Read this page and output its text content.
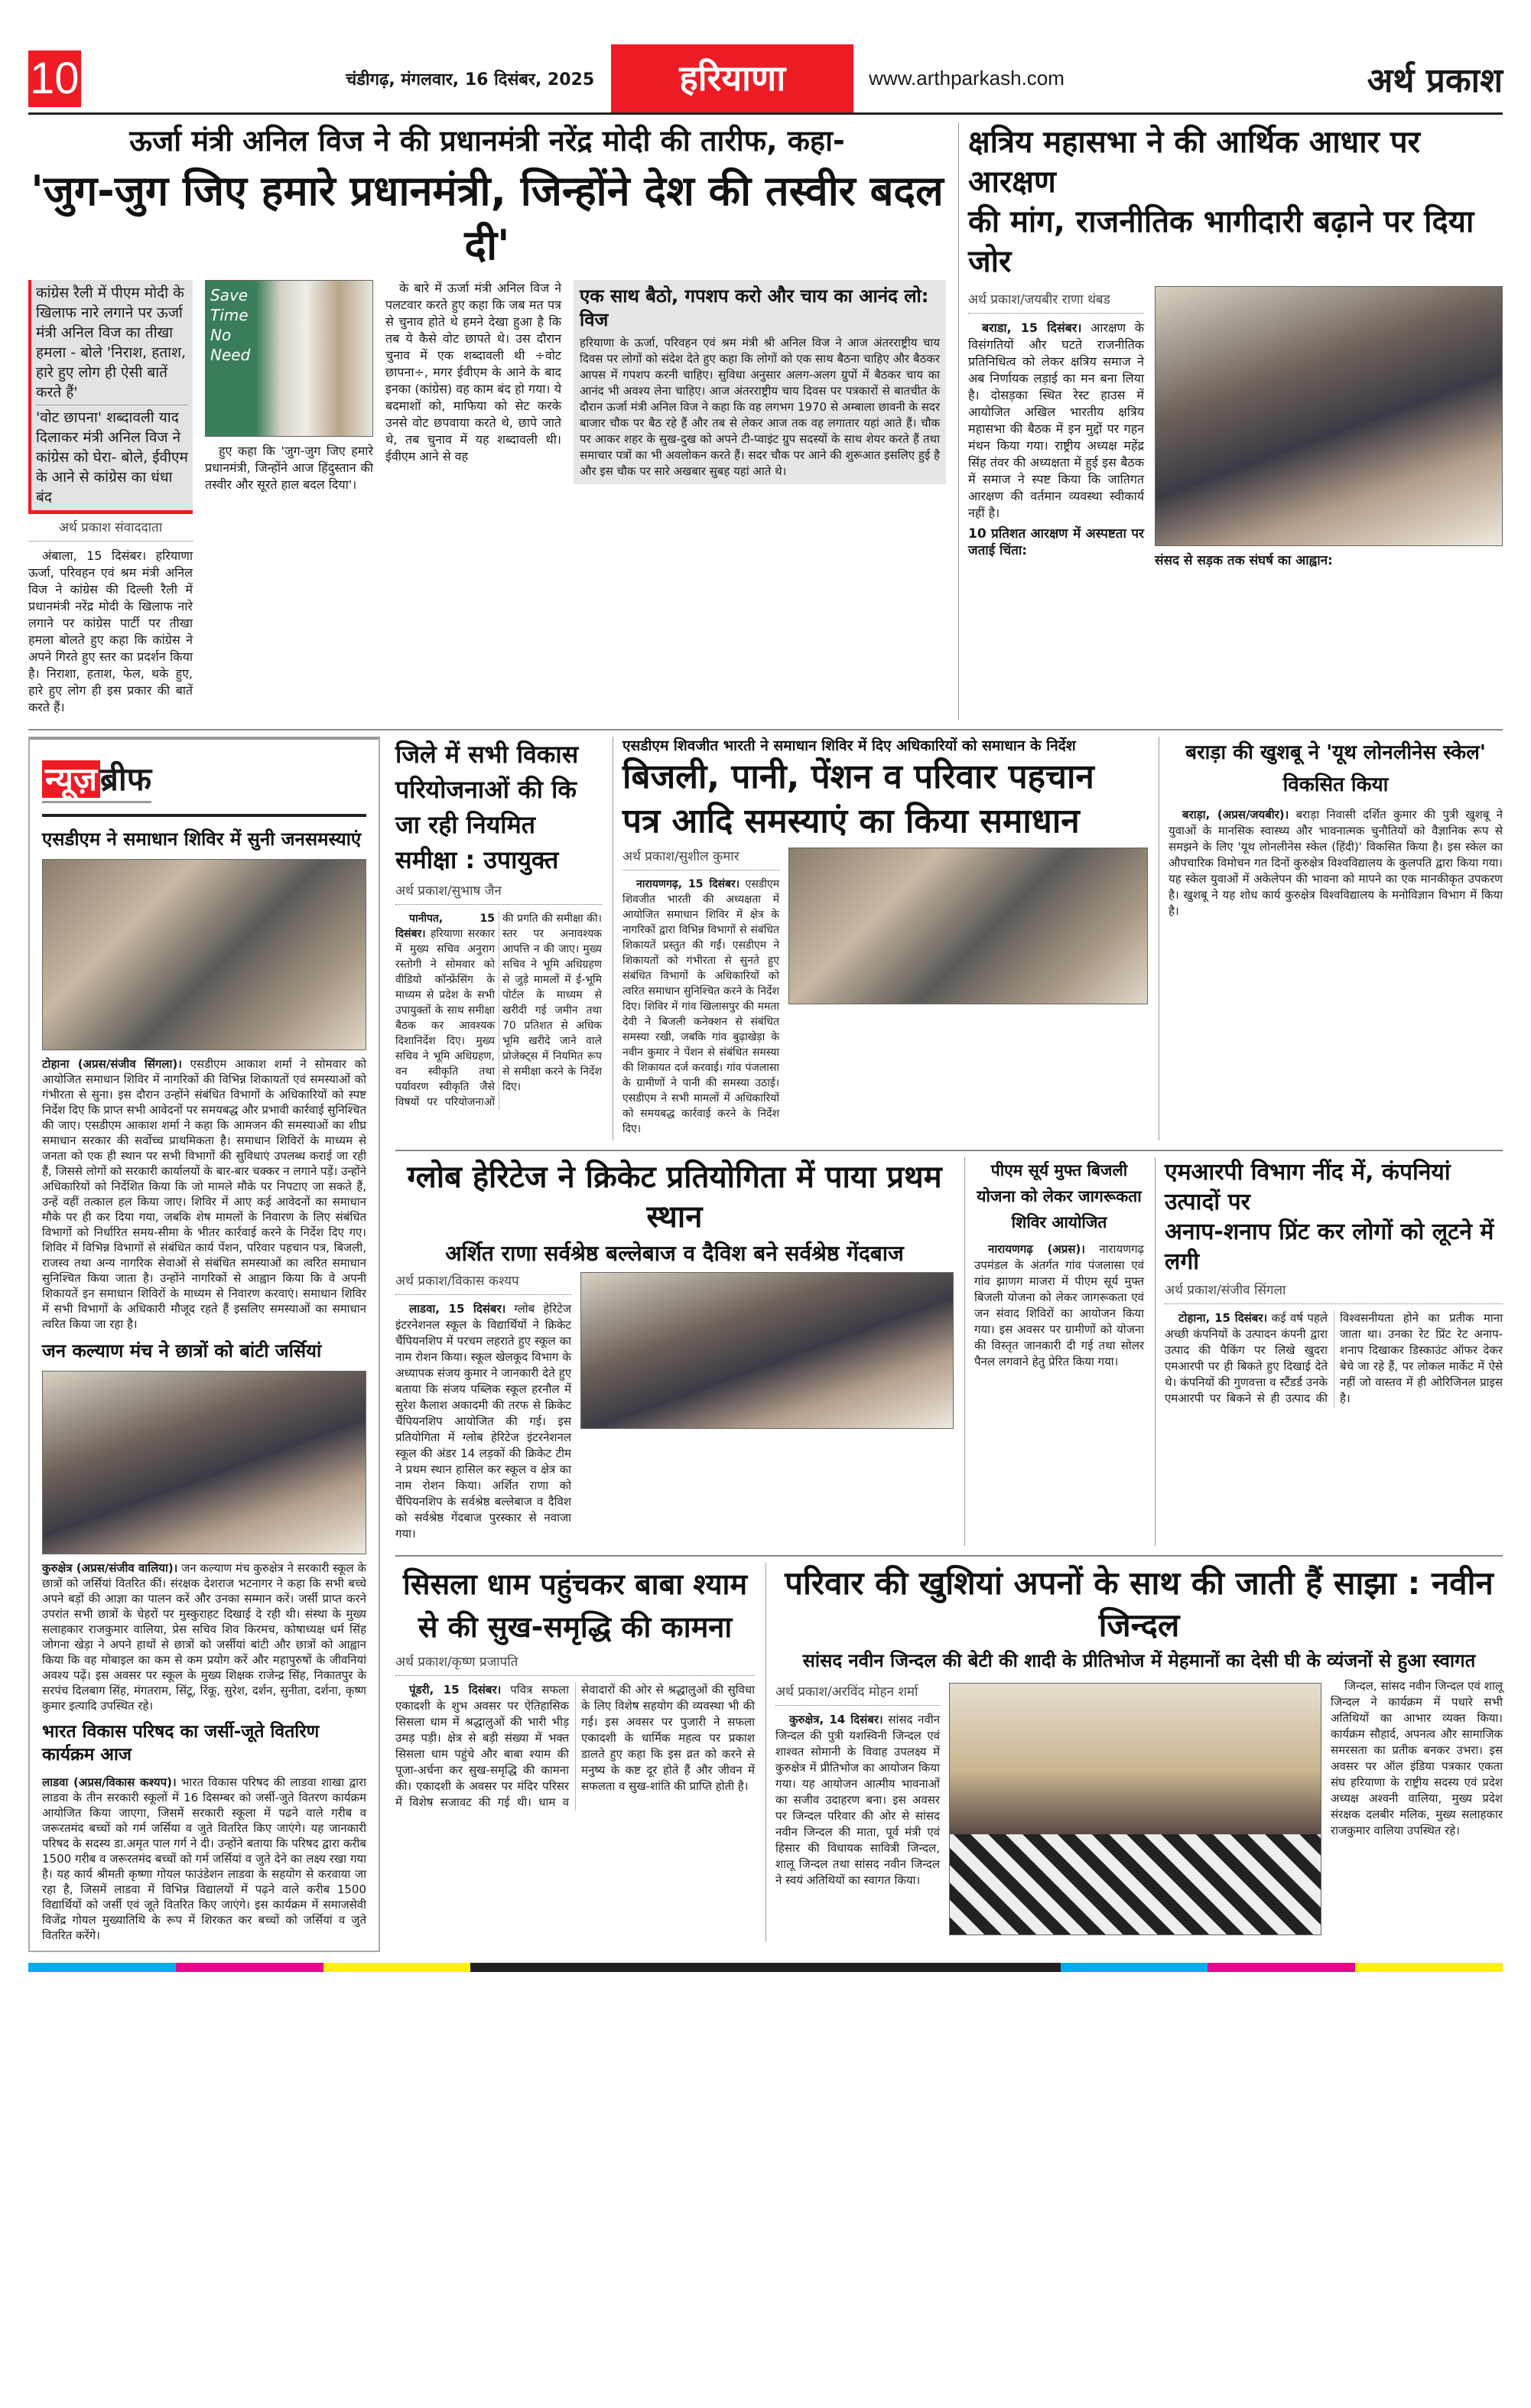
10	चंडीगढ़, मंगलवार, 16 दिसंबर, 2025	हरियाणा	www.arthparkash.com	अर्थ प्रकाश
ऊर्जा मंत्री अनिल विज ने की प्रधानमंत्री नरेंद्र मोदी की तारीफ, कहा-
'जुग-जुग जिए हमारे प्रधानमंत्री, जिन्होंने देश की तस्वीर बदल दी'
कांग्रेस रैली में पीएम मोदी के खिलाफ नारे लगाने पर ऊर्जा मंत्री अनिल विज का तीखा हमला - बोले 'निराश, हताश, हारे हुए लोग ही ऐसी बातें करते हैं'
'वोट छापना' शब्दावली याद दिलाकर मंत्री अनिल विज ने कांग्रेस को घेरा- बोले, ईवीएम के आने से कांग्रेस का धंधा बंद
अर्थ प्रकाश संवाददाता

अंबाला, 15 दिसंबर। हरियाणा ऊर्जा, परिवहन एवं श्रम मंत्री अनिल विज ने कांग्रेस की दिल्ली रैली में प्रधानमंत्री नरेंद्र मोदी के खिलाफ नारे लगाने पर कांग्रेस पार्टी पर तीखा हमला बोलते हुए कहा कि कांग्रेस ने अपने गिरते हुए स्तर का प्रदर्शन किया है। निराशा, हताश, फेल, थके हुए, हारे हुए लोग ही इस प्रकार की बातें करते हैं।

Save Time No Need

हुए कहा कि 'जुग-जुग जिए हमारे प्रधानमंत्री, जिन्होंने आज हिंदुस्तान की तस्वीर और सूरते हाल बदल दिया'।

के बारे में ऊर्जा मंत्री अनिल विज ने पलटवार करते हुए कहा कि जब मत पत्र से चुनाव होते थे हमने देखा हुआ है कि तब ये कैसे वोट छापते थे। उस दौरान चुनाव में एक शब्दावली थी ÷वोट छापना÷, मगर ईवीएम के आने के बाद इनका (कांग्रेस) वह काम बंद हो गया। ये बदमाशों को, माफिया को सेट करके उनसे वोट छपवाया करते थे, छापे जाते थे, तब चुनाव में यह शब्दावली थी। ईवीएम आने से वह

एक साथ बैठो, गपशप करो और चाय का आनंद लो: विज
हरियाणा के ऊर्जा, परिवहन एवं श्रम मंत्री श्री अनिल विज ने आज अंतरराष्ट्रीय चाय दिवस पर लोगों को संदेश देते हुए कहा कि लोगों को एक साथ बैठना चाहिए और बैठकर आपस में गपशप करनी चाहिए। सुविधा अनुसार अलग-अलग ग्रुपों में बैठकर चाय का आनंद भी अवश्य लेना चाहिए। आज अंतरराष्ट्रीय चाय दिवस पर पत्रकारों से बातचीत के दौरान ऊर्जा मंत्री अनिल विज ने कहा कि वह लगभग 1970 से अम्बाला छावनी के सदर बाजार चौक पर बैठ रहे हैं और तब से लेकर आज तक वह लगातार यहां आते हैं। चौक पर आकर शहर के सुख-दुख को अपने टी-प्वाइंट ग्रुप सदस्यों के साथ शेयर करते हैं तथा समाचार पत्रों का भी अवलोकन करते हैं। सदर चौक पर आने की शुरूआत इसलिए हुई है और इस चौक पर सारे अखबार सुबह यहां आते थे।
क्षत्रिय महासभा ने की आर्थिक आधार पर आरक्षण
की मांग, राजनीतिक भागीदारी बढ़ाने पर दिया जोर
अर्थ प्रकाश/जयबीर राणा थंबड

बराडा, 15 दिसंबर। आरक्षण के विसंगतियों और घटते राजनीतिक प्रतिनिधित्व को लेकर क्षत्रिय समाज ने अब निर्णायक लड़ाई का मन बना लिया है। दोसड़का स्थित रेस्ट हाउस में आयोजित अखिल भारतीय क्षत्रिय महासभा की बैठक में इन मुद्दों पर गहन मंथन किया गया। राष्ट्रीय अध्यक्ष महेंद्र सिंह तंवर की अध्यक्षता में हुई इस बैठक में समाज ने स्पष्ट किया कि जातिगत आरक्षण की वर्तमान व्यवस्था स्वीकार्य नहीं है।

10 प्रतिशत आरक्षण में अस्पष्टता पर जताई चिंता:

संसद से सड़क तक संघर्ष का आह्वान:

न्यूज़ब्रीफ
एसडीएम ने समाधान शिविर में सुनी जनसमस्याएं
टोहाना (अप्रस/संजीव सिंगला)। एसडीएम आकाश शर्मा ने सोमवार को आयोजित समाधान शिविर में नागरिकों की विभिन्न शिकायतों एवं समस्याओं को गंभीरता से सुना। इस दौरान उन्होंने संबंधित विभागों के अधिकारियों को स्पष्ट निर्देश दिए कि प्राप्त सभी आवेदनों पर समयबद्ध और प्रभावी कार्रवाई सुनिश्चित की जाए। एसडीएम आकाश शर्मा ने कहा कि आमजन की समस्याओं का शीघ्र समाधान सरकार की सर्वोच्च प्राथमिकता है। समाधान शिविरों के माध्यम से जनता को एक ही स्थान पर सभी विभागों की सुविधाएं उपलब्ध कराई जा रही हैं, जिससे लोगों को सरकारी कार्यालयों के बार-बार चक्कर न लगाने पड़ें। उन्होंने अधिकारियों को निर्देशित किया कि जो मामले मौके पर निपटाए जा सकते हैं, उन्हें वहीं तत्काल हल किया जाए। शिविर में आए कई आवेदनों का समाधान मौके पर ही कर दिया गया, जबकि शेष मामलों के निवारण के लिए संबंधित विभागों को निर्धारित समय-सीमा के भीतर कार्रवाई करने के निर्देश दिए गए। शिविर में विभिन्न विभागों से संबंधित कार्य पेंशन, परिवार पहचान पत्र, बिजली, राजस्व तथा अन्य नागरिक सेवाओं से संबंधित समस्याओं का त्वरित समाधान सुनिश्चित किया जाता है। उन्होंने नागरिकों से आह्वान किया कि वे अपनी शिकायतें इन समाधान शिविरों के माध्यम से निवारण करवाएं। समाधान शिविर में सभी विभागों के अधिकारी मौजूद रहते हैं इसलिए समस्याओं का समाधान त्वरित किया जा रहा है।
जन कल्याण मंच ने छात्रों को बांटी जर्सियां
कुरुक्षेत्र (अप्रस/संजीव वालिया)। जन कल्याण मंच कुरुक्षेत्र ने सरकारी स्कूल के छात्रों को जर्सियां वितरित कीं। संरक्षक देशराज भटनागर ने कहा कि सभी बच्चे अपने बड़ों की आज्ञा का पालन करें और उनका सम्मान करें। जर्सी प्राप्त करने उपरांत सभी छात्रों के चेहरों पर मुस्कुराहट दिखाई दे रही थी। संस्था के मुख्य सलाहकार राजकुमार वालिया, प्रेस सचिव शिव किरमच, कोषाध्यक्ष धर्म सिंह जोगना खेड़ा ने अपने हाथों से छात्रों को जर्सीयां बांटी और छात्रों को आह्वान किया कि वह मोबाइल का कम से कम प्रयोग करें और महापुरुषों के जीवनियां अवश्य पढ़ें। इस अवसर पर स्कूल के मुख्य शिक्षक राजेन्द्र सिंह, निकातपुर के सरपंच दिलबाग सिंह, मंगतराम, सिंटू, रिंकू, सुरेश, दर्शन, सुनीता, दर्शना, कृष्ण कुमार इत्यादि उपस्थित रहे।
भारत विकास परिषद का जर्सी-जूते वितरिण कार्यक्रम आज
लाडवा (अप्रस/विकास कश्यप)। भारत विकास परिषद की लाडवा शाखा द्वारा लाडवा के तीन सरकारी स्कूलों में 16 दिसम्बर को जर्सी-जुते वितरण कार्यक्रम आयोजित किया जाएगा, जिसमें सरकारी स्कूला में पढने वाले गरीब व जरूरतमंद बच्चों को गर्म जर्सिया व जुते वितरित किए जाएंगे। यह जानकारी परिषद के सदस्य डा.अमृत पाल गर्ग ने दी। उन्होंने बताया कि परिषद द्वारा करीब 1500 गरीब व जरूरतमंद बच्चों को गर्म जर्सियां व जुते देने का लक्ष्य रखा गया है। यह कार्य श्रीमती कृष्णा गोयल फाउंडेशन लाडवा के सहयोग से करवाया जा रहा है, जिसमें लाडवा में विभिन्न विद्यालयों में पढ़ने वाले करीब 1500 विद्यार्थियों को जर्सी एवं जूते वितरित किए जाएंगे। इस कार्यक्रम में समाजसेवी विजेंद्र गोयल मुख्यातिथि के रूप में शिरकत कर बच्चों को जर्सियां व जुते वितरित करेंगे।
जिले में सभी विकास परियोजनाओं की कि जा रही नियमित समीक्षा : उपायुक्त
अर्थ प्रकाश/सुभाष जैन

पानीपत, 15 दिसंबर। हरियाणा सरकार में मुख्य सचिव अनुराग रस्तोगी ने सोमवार को वीडियो कॉन्फ्रेंसिंग के माध्यम से प्रदेश के सभी उपायुक्तों के साथ समीक्षा बैठक कर आवश्यक दिशानिर्देश दिए। मुख्य सचिव ने भूमि अधिग्रहण, वन स्वीकृति तथा पर्यावरण स्वीकृति जैसे विषयों पर परियोजनाओं की प्रगति की समीक्षा की। स्तर पर अनावश्यक आपत्ति न की जाए। मुख्य सचिव ने भूमि अधिग्रहण से जुड़े मामलों में ई-भूमि पोर्टल के माध्यम से खरीदी गई जमीन तथा 70 प्रतिशत से अधिक भूमि खरीदे जाने वाले प्रोजेक्ट्स में नियमित रूप से समीक्षा करने के निर्देश दिए।

एसडीएम शिवजीत भारती ने समाधान शिविर में दिए अधिकारियों को समाधान के निर्देश
बिजली, पानी, पेंशन व परिवार पहचान
पत्र आदि समस्याएं का किया समाधान
अर्थ प्रकाश/सुशील कुमार

नारायणगढ़, 15 दिसंबर। एसडीएम शिवजीत भारती की अध्यक्षता में आयोजित समाधान शिविर में क्षेत्र के नागरिकों द्वारा विभिन्न विभागों से संबंधित शिकायतें प्रस्तुत की गईं। एसडीएम ने शिकायतों को गंभीरता से सुनते हुए संबंधित विभागों के अधिकारियों को त्वरित समाधान सुनिश्चित करने के निर्देश दिए। शिविर में गांव खिलासपुर की ममता देवी ने बिजली कनेक्शन से संबंधित समस्या रखी, जबकि गांव बुढ़ाखेड़ा के नवीन कुमार ने पेंशन से संबंधित समस्या की शिकायत दर्ज करवाई। गांव पंजलासा के ग्रामीणों ने पानी की समस्या उठाई। एसडीएम ने सभी मामलों में अधिकारियों को समयबद्ध कार्रवाई करने के निर्देश दिए।

बराड़ा की खुशबू ने 'यूथ लोनलीनेस स्केल' विकसित किया

बराड़ा, (अप्रस/जयबीर)। बराड़ा निवासी दर्शित कुमार की पुत्री खुशबू ने युवाओं के मानसिक स्वास्थ्य और भावनात्मक चुनौतियों को वैज्ञानिक रूप से समझने के लिए 'यूथ लोनलीनेस स्केल (हिंदी)' विकसित किया है। इस स्केल का औपचारिक विमोचन गत दिनों कुरुक्षेत्र विश्वविद्यालय के कुलपति द्वारा किया गया। यह स्केल युवाओं में अकेलेपन की भावना को मापने का एक मानकीकृत उपकरण है। खुशबू ने यह शोध कार्य कुरुक्षेत्र विश्वविद्यालय के मनोविज्ञान विभाग में किया है।

ग्लोब हेरिटेज ने क्रिकेट प्रतियोगिता में पाया प्रथम स्थान
अर्शित राणा सर्वश्रेष्ठ बल्लेबाज व दैविश बने सर्वश्रेष्ठ गेंदबाज
अर्थ प्रकाश/विकास कश्यप

लाडवा, 15 दिसंबर। ग्लोब हेरिटेज इंटरनेशनल स्कूल के विद्यार्थियों ने क्रिकेट चैंपियनशिप में परचम लहराते हुए स्कूल का नाम रोशन किया। स्कूल खेलकूद विभाग के अध्यापक संजय कुमार ने जानकारी देते हुए बताया कि संजय पब्लिक स्कूल हरनौल में सुरेश कैलाश अकादमी की तरफ से क्रिकेट चैंपियनशिप आयोजित की गई। इस प्रतियोगिता में ग्लोब हेरिटेज इंटरनेशनल स्कूल की अंडर 14 लड़कों की क्रिकेट टीम ने प्रथम स्थान हासिल कर स्कूल व क्षेत्र का नाम रोशन किया। अर्शित राणा को चैंपियनशिप के सर्वश्रेष्ठ बल्लेबाज व दैविश को सर्वश्रेष्ठ गेंदबाज पुरस्कार से नवाजा गया।

पीएम सूर्य मुफ्त बिजली योजना को लेकर जागरूकता शिविर आयोजित

नारायणगढ़ (अप्रस)। नारायणगढ़ उपमंडल के अंतर्गत गांव पंजलासा एवं गांव झाणग माजरा में पीएम सूर्य मुफ्त बिजली योजना को लेकर जागरूकता एवं जन संवाद शिविरों का आयोजन किया गया। इस अवसर पर ग्रामीणों को योजना की विस्तृत जानकारी दी गई तथा सोलर पैनल लगवाने हेतु प्रेरित किया गया।

एमआरपी विभाग नींद में, कंपनियां उत्पादों पर
अनाप-शनाप प्रिंट कर लोगों को लूटने में लगी
अर्थ प्रकाश/संजीव सिंगला

टोहाना, 15 दिसंबर। कई वर्ष पहले अच्छी कंपनियों के उत्पादन कंपनी द्वारा उत्पाद की पैकिंग पर लिखे खुदरा एमआरपी पर ही बिकते हुए दिखाई देते थे। कंपनियों की गुणवत्ता व स्टैंडर्ड उनके एमआरपी पर बिकने से ही उत्पाद की विश्वसनीयता होने का प्रतीक माना जाता था। उनका रेट प्रिंट रेट अनाप-शनाप दिखाकर डिस्काउंट ऑफर देकर बेचे जा रहे हैं, पर लोकल मार्केट में ऐसे नहीं जो वास्तव में ही ओरिजिनल प्राइस है।

सिसला धाम पहुंचकर बाबा श्याम से की सुख-समृद्धि की कामना
अर्थ प्रकाश/कृष्ण प्रजापति

पूंडरी, 15 दिसंबर। पवित्र सफला एकादशी के शुभ अवसर पर ऐतिहासिक सिसला धाम में श्रद्धालुओं की भारी भीड़ उमड़ पड़ी। क्षेत्र से बड़ी संख्या में भक्त सिसला धाम पहुंचे और बाबा श्याम की पूजा-अर्चना कर सुख-समृद्धि की कामना की। एकादशी के अवसर पर मंदिर परिसर में विशेष सजावट की गई थी। धाम व सेवादारों की ओर से श्रद्धालुओं की सुविधा के लिए विशेष सहयोग की व्यवस्था भी की गई। इस अवसर पर पुजारी ने सफला एकादशी के धार्मिक महत्व पर प्रकाश डालते हुए कहा कि इस व्रत को करने से मनुष्य के कष्ट दूर होते हैं और जीवन में सफलता व सुख-शांति की प्राप्ति होती है।

परिवार की खुशियां अपनों के साथ की जाती हैं साझा : नवीन जिन्दल
सांसद नवीन जिन्दल की बेटी की शादी के प्रीतिभोज में मेहमानों का देसी घी के व्यंजनों से हुआ स्वागत
अर्थ प्रकाश/अरविंद मोहन शर्मा

कुरुक्षेत्र, 14 दिसंबर। सांसद नवीन जिन्दल की पुत्री यशस्विनी जिन्दल एवं शाश्वत सोमानी के विवाह उपलक्ष्य में कुरुक्षेत्र में प्रीतिभोज का आयोजन किया गया। यह आयोजन आत्मीय भावनाओं का सजीव उदाहरण बना। इस अवसर पर जिन्दल परिवार की ओर से सांसद नवीन जिन्दल की माता, पूर्व मंत्री एवं हिसार की विधायक सावित्री जिन्दल, शालू जिन्दल तथा सांसद नवीन जिन्दल ने स्वयं अतिथियों का स्वागत किया।

जिन्दल, सांसद नवीन जिन्दल एवं शालू जिन्दल ने कार्यक्रम में पधारे सभी अतिथियों का आभार व्यक्त किया। कार्यक्रम सौहार्द, अपनत्व और सामाजिक समरसता का प्रतीक बनकर उभरा। इस अवसर पर ऑल इंडिया पत्रकार एकता संघ हरियाणा के राष्ट्रीय सदस्य एवं प्रदेश अध्यक्ष अश्वनी वालिया, मुख्य प्रदेश संरक्षक दलबीर मलिक, मुख्य सलाहकार राजकुमार वालिया उपस्थित रहे।
